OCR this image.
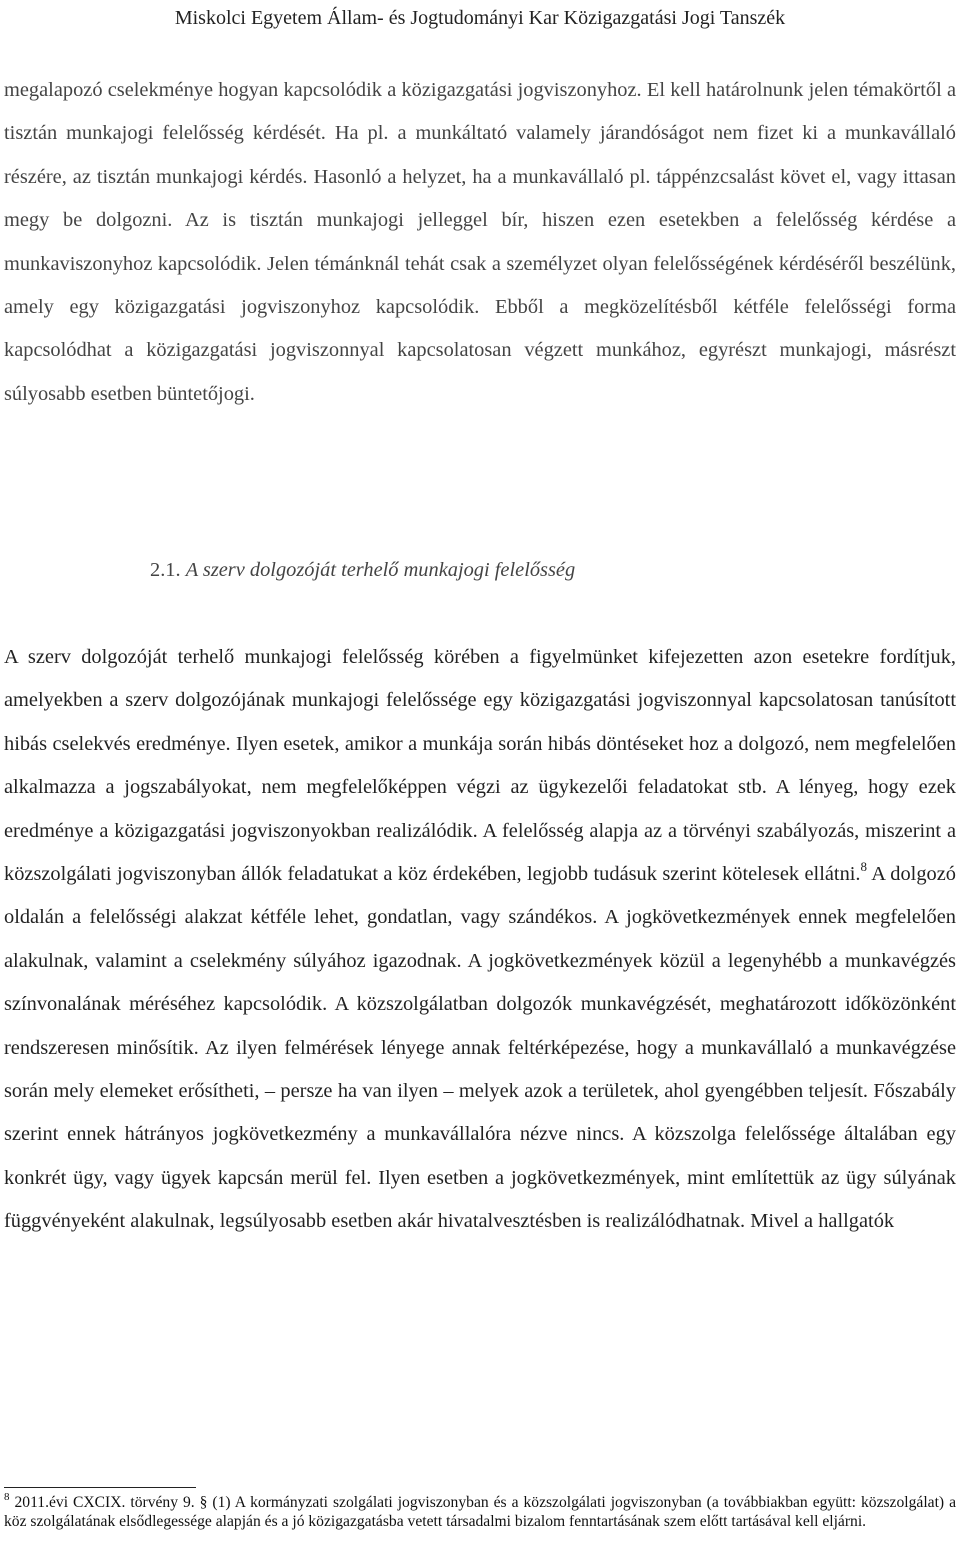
Miskolci Egyetem Állam- és Jogtudományi Kar Közigazgatási Jogi Tanszék

megalapozó cselekménye hogyan kapcsolódik a közigazgatási jogviszonyhoz. El kell határolnunk jelen témakörtől a tisztán munkajogi felelősség kérdését. Ha pl. a munkáltató valamely járandóságot nem fizet ki a munkavállaló részére, az tisztán munkajogi kérdés. Hasonló a helyzet, ha a munkavállaló pl. táppénzcsalást követ el, vagy ittasan megy be dolgozni. Az is tisztán munkajogi jelleggel bír, hiszen ezen esetekben a felelősség kérdése a munkaviszonyhoz kapcsolódik. Jelen témánknál tehát csak a személyzet olyan felelősségének kérdéséről beszélünk, amely egy közigazgatási jogviszonyhoz kapcsolódik. Ebből a megközelítésből kétféle felelősségi forma kapcsolódhat a közigazgatási jogviszonnyal kapcsolatosan végzett munkához, egyrészt munkajogi, másrészt súlyosabb esetben büntetőjogi.

2.1. A szerv dolgozóját terhelő munkajogi felelősség

A szerv dolgozóját terhelő munkajogi felelősség körében a figyelmünket kifejezetten azon esetekre fordítjuk, amelyekben a szerv dolgozójának munkajogi felelőssége egy közigazgatási jogviszonnyal kapcsolatosan tanúsított hibás cselekvés eredménye. Ilyen esetek, amikor a munkája során hibás döntéseket hoz a dolgozó, nem megfelelően alkalmazza a jogszabályokat, nem megfelelőképpen végzi az ügykezelői feladatokat stb. A lényeg, hogy ezek eredménye a közigazgatási jogviszonyokban realizálódik. A felelősség alapja az a törvényi szabályozás, miszerint a közszolgálati jogviszonyban állók feladatukat a köz érdekében, legjobb tudásuk szerint kötelesek ellátni.$^8$ A dolgozó oldalán a felelősségi alakzat kétféle lehet, gondatlan, vagy szándékos. A jogkövetkezmények ennek megfelelően alakulnak, valamint a cselekmény súlyához igazodnak. A jogkövetkezmények közül a legenyhébb a munkavégzés színvonalának méréséhez kapcsolódik. A közszolgálatban dolgozók munkavégzését, meghatározott időközönként rendszeresen minősítik. Az ilyen felmérések lényege annak feltérképezése, hogy a munkavállaló a munkavégzése során mely elemeket erősítheti, – persze ha van ilyen – melyek azok a területek, ahol gyengébben teljesít. Főszabály szerint ennek hátrányos jogkövetkezmény a munkavállalóra nézve nincs. A közszolga felelőssége általában egy konkrét ügy, vagy ügyek kapcsán merül fel. Ilyen esetben a jogkövetkezmények, mint említettük az ügy súlyának függvényeként alakulnak, legsúlyosabb esetben akár hivatalvesztésben is realizálódhatnak. Mivel a hallgatók

$^8$ 2011.évi CXCIX. törvény 9. § (1) A kormányzati szolgálati jogviszonyban és a közszolgálati jogviszonyban (a továbbiakban együtt: közszolgálat) a köz szolgálatának elsődlegessége alapján és a jó közigazgatásba vetett társadalmi bizalom fenntartásának szem előtt tartásával kell eljárni.
